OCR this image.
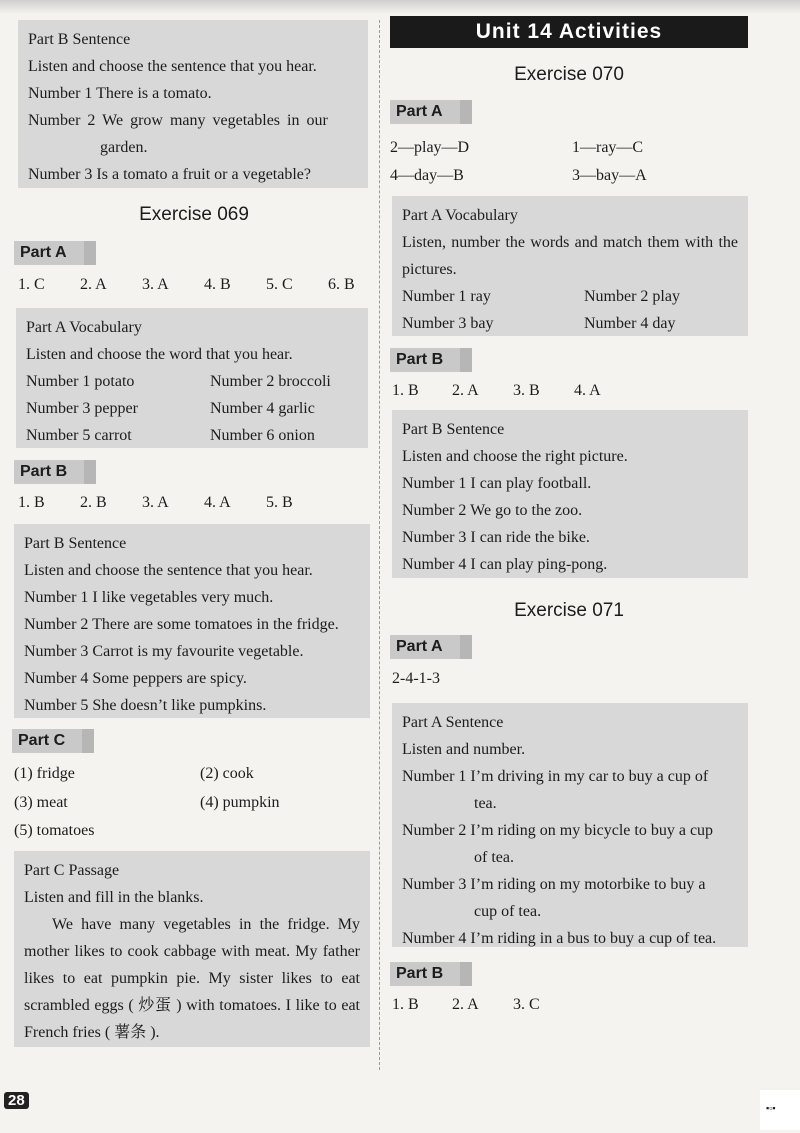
Part B Sentence
Listen and choose the sentence that you hear.
Number 1 There is a tomato.
Number 2 We grow many vegetables in our
garden.
Number 3 Is a tomato a fruit or a vegetable?
Exercise 069
Part A
1. C	2. A	3. A	4. B	5. C	6. B
Part A Vocabulary
Listen and choose the word that you hear.
Number 1 potato	Number 2 broccoli
Number 3 pepper	Number 4 garlic
Number 5 carrot	Number 6 onion
Part B
1. B	2. B	3. A	4. A	5. B
Part B Sentence
Listen and choose the sentence that you hear.
Number 1 I like vegetables very much.
Number 2 There are some tomatoes in the fridge.
Number 3 Carrot is my favourite vegetable.
Number 4 Some peppers are spicy.
Number 5 She doesn’t like pumpkins.
Part C
(1) fridge	(2) cook
(3) meat	(4) pumpkin
(5) tomatoes
Part C Passage
Listen and fill in the blanks.
We have many vegetables in the fridge. My mother likes to cook cabbage with meat. My father likes to eat pumpkin pie. My sister likes to eat scrambled eggs ( 炒蛋 ) with tomatoes. I like to eat French fries ( 薯条 ).
Unit 14 Activities
Exercise 070
Part A
2—play—D	1—ray—C
4—day—B	3—bay—A
Part A Vocabulary
Listen, number the words and match them with the pictures.
Number 1 ray	Number 2 play
Number 3 bay	Number 4 day
Part B
1. B	2. A	3. B	4. A
Part B Sentence
Listen and choose the right picture.
Number 1 I can play football.
Number 2 We go to the zoo.
Number 3 I can ride the bike.
Number 4 I can play ping-pong.
Exercise 071
Part A
2-4-1-3
Part A Sentence
Listen and number.
Number 1 I’m driving in my car to buy a cup of
tea.
Number 2 I’m riding on my bicycle to buy a cup
of tea.
Number 3 I’m riding on my motorbike to buy a
cup of tea.
Number 4 I’m riding in a bus to buy a cup of tea.
Part B
1. B	2. A	3. C
28	▪▫▪
